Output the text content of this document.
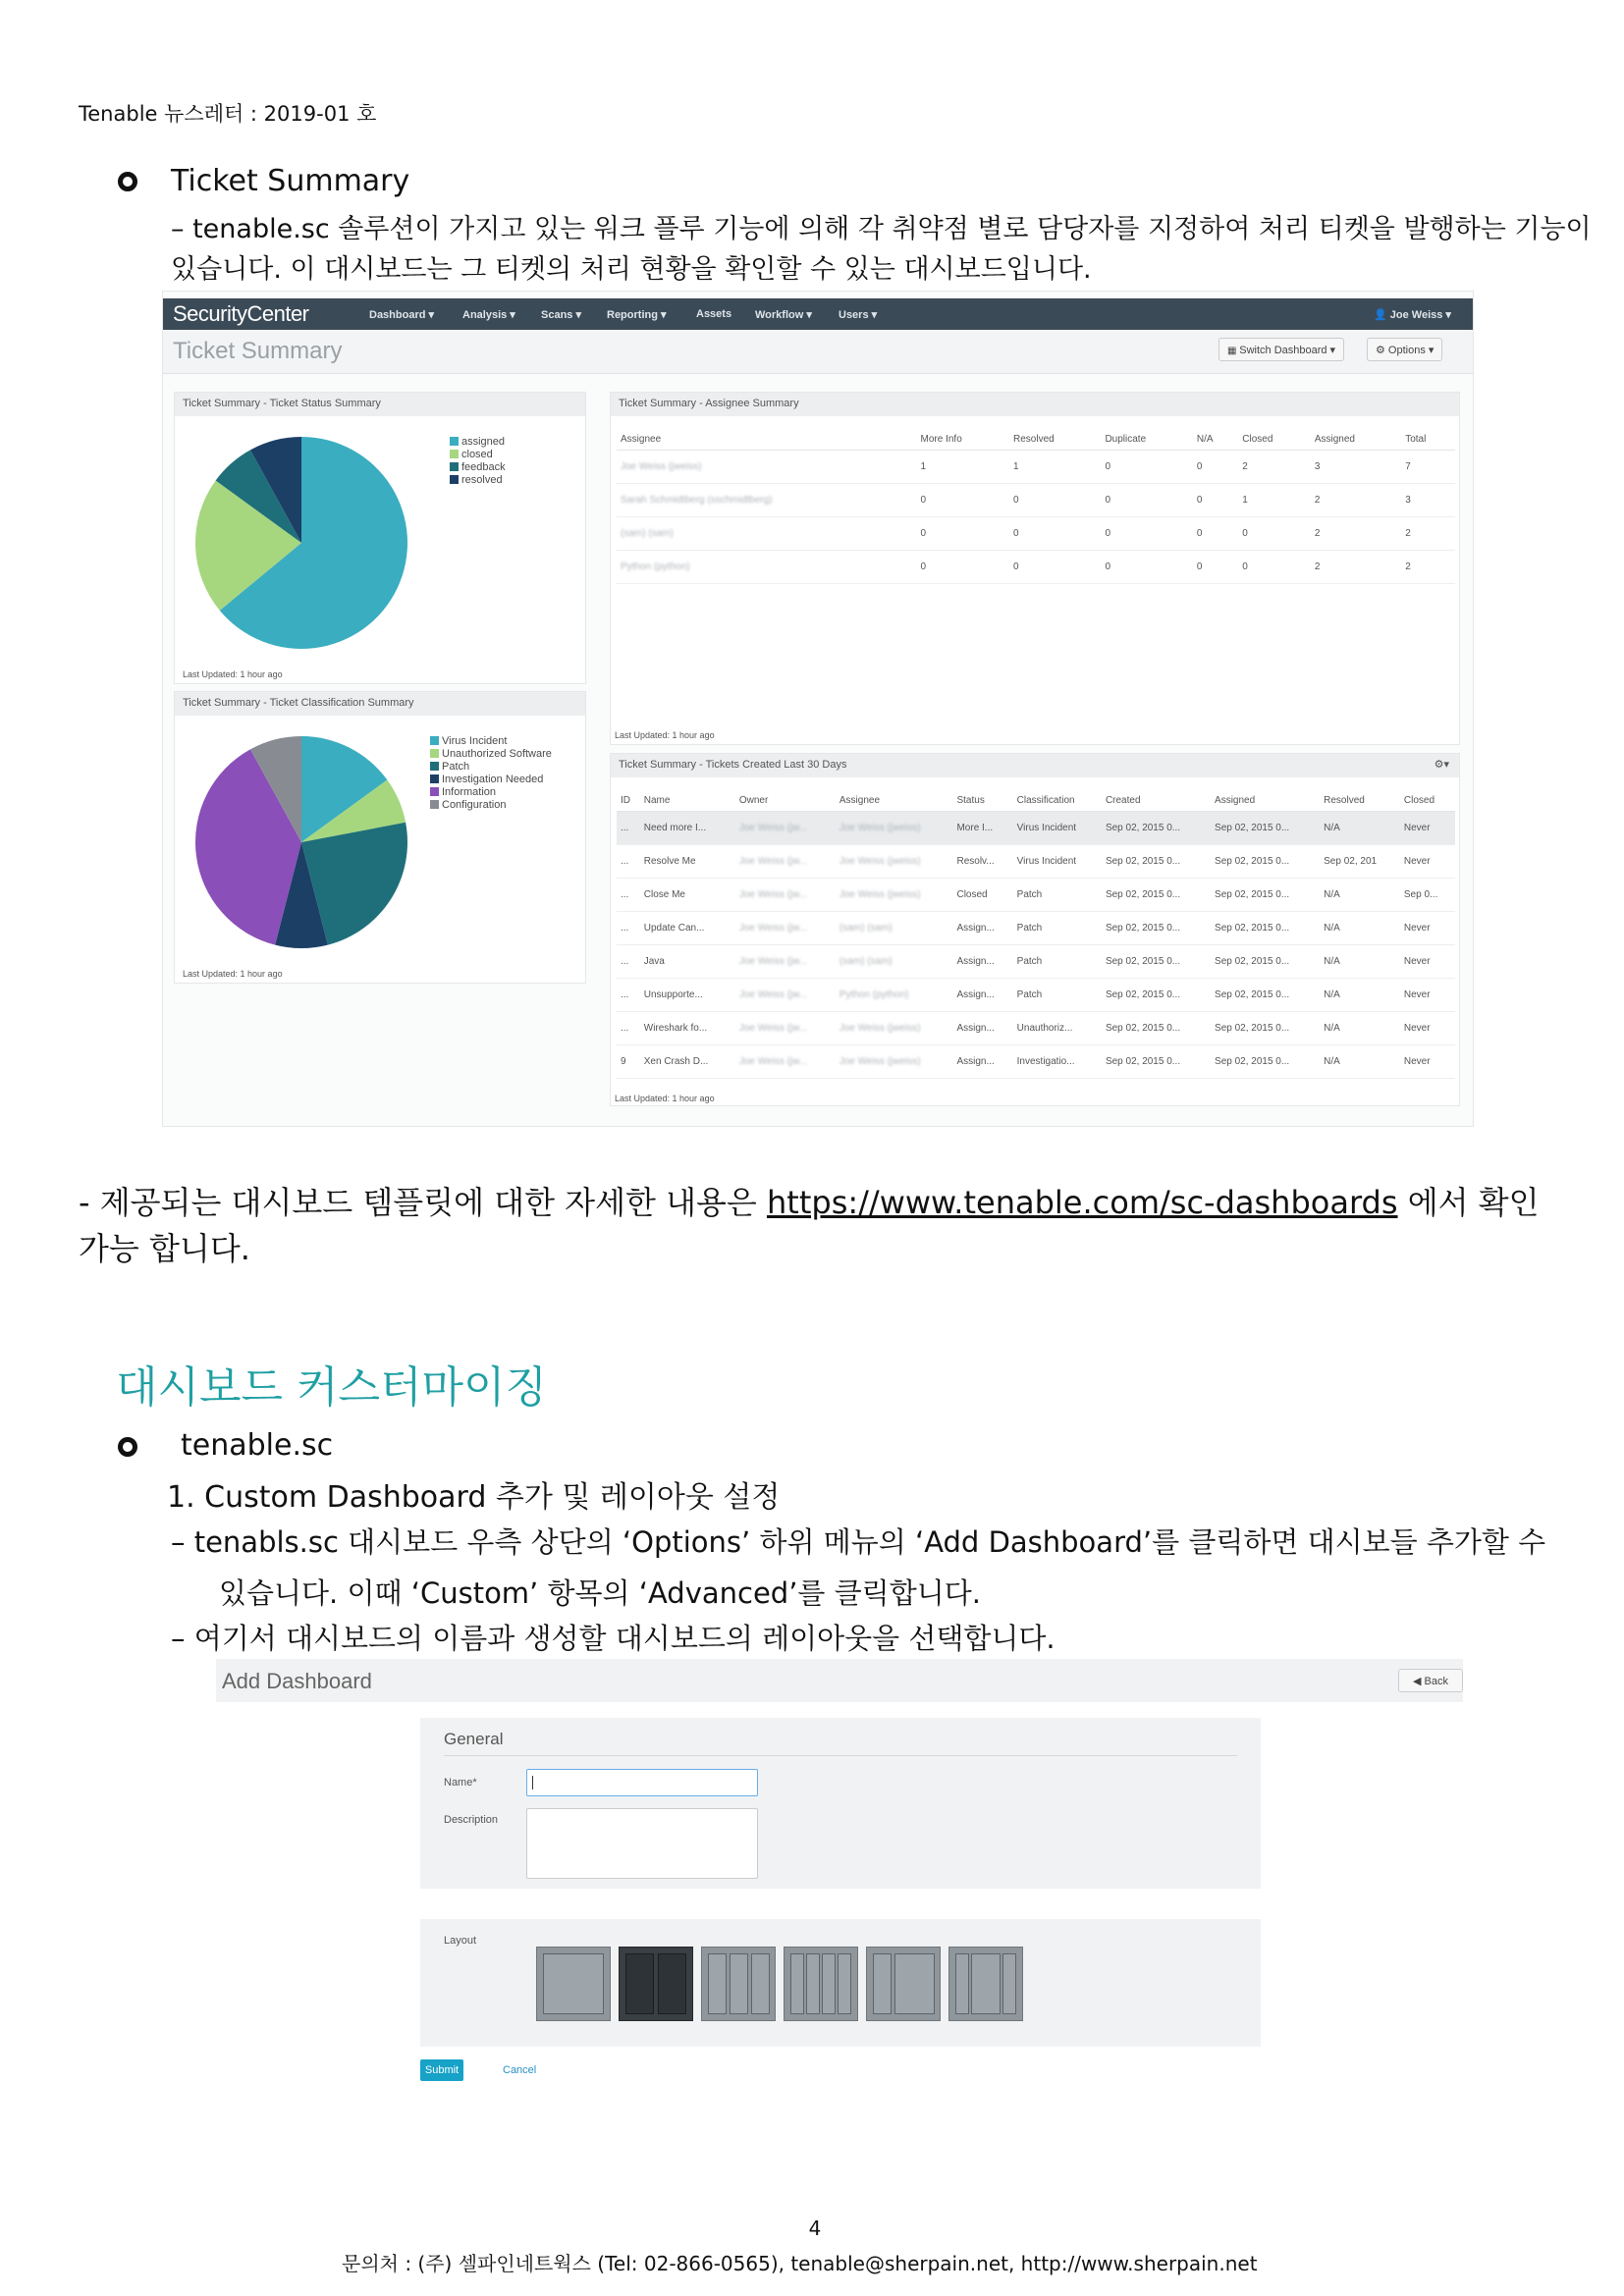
Tenable 뉴스레터 : 2019-01 호
Ticket Summary
– tenable.sc 솔루션이 가지고 있는 워크 플루 기능에 의해 각 취약점 별로 담당자를 지정하여 처리 티켓을 발행하는 기능이
있습니다. 이 대시보드는 그 티켓의 처리 현황을 확인할 수 있는 대시보드입니다.
SecurityCenter	Dashboard ▾	Analysis ▾ Scans ▾ Reporting ▾	Assets Workflow ▾ Users ▾	👤 Joe Weiss ▾
Ticket Summary	▦ Switch Dashboard ▾	⚙ Options ▾
Ticket Summary - Ticket Status Summary
assigned
closed
feedback
resolved
Last Updated: 1 hour ago
Ticket Summary - Ticket Classification Summary
Virus Incident
Unauthorized Software
Patch
Investigation Needed
Information
Configuration
Last Updated: 1 hour ago
Ticket Summary - Assignee Summary
Assignee	More Info	Resolved	Duplicate	N/A	Closed	Assigned	Total
Joe Weiss (jweiss)	1	1	0	0	2	3	7
Sarah Schmidtberg (sschmidtberg)	0	0	0	0	1	2	3
(sam) (sam)	0	0	0	0	0	2	2
Python (python)	0	0	0	0	0	2	2
Last Updated: 1 hour ago
Ticket Summary - Tickets Created Last 30 Days	⚙▾
ID	Name	Owner	Assignee	Status	Classification	Created	Assigned	Resolved	Closed
...	Need more I...	Joe Weiss (jw...	Joe Weiss (jweiss)	More I...	Virus Incident	Sep 02, 2015 0...	Sep 02, 2015 0...	N/A	Never
...	Resolve Me	Joe Weiss (jw...	Joe Weiss (jweiss)	Resolv...	Virus Incident	Sep 02, 2015 0...	Sep 02, 2015 0...	Sep 02, 201	Never
...	Close Me	Joe Weiss (jw...	Joe Weiss (jweiss)	Closed	Patch	Sep 02, 2015 0...	Sep 02, 2015 0...	N/A	Sep 0...
...	Update Can...	Joe Weiss (jw...	(sam) (sam)	Assign...	Patch	Sep 02, 2015 0...	Sep 02, 2015 0...	N/A	Never
...	Java	Joe Weiss (jw...	(sam) (sam)	Assign...	Patch	Sep 02, 2015 0...	Sep 02, 2015 0...	N/A	Never
...	Unsupporte...	Joe Weiss (jw...	Python (python)	Assign...	Patch	Sep 02, 2015 0...	Sep 02, 2015 0...	N/A	Never
...	Wireshark fo...	Joe Weiss (jw...	Joe Weiss (jweiss)	Assign...	Unauthoriz...	Sep 02, 2015 0...	Sep 02, 2015 0...	N/A	Never
9	Xen Crash D...	Joe Weiss (jw...	Joe Weiss (jweiss)	Assign...	Investigatio...	Sep 02, 2015 0...	Sep 02, 2015 0...	N/A	Never
Last Updated: 1 hour ago
- 제공되는 대시보드 템플릿에 대한 자세한 내용은 https://www.tenable.com/sc-dashboards 에서 확인
가능 합니다.
대시보드 커스터마이징
tenable.sc
1. Custom Dashboard 추가 및 레이아웃 설정
– tenabls.sc 대시보드 우측 상단의 ‘Options’ 하위 메뉴의 ‘Add Dashboard’를 클릭하면 대시보들 추가할 수
있습니다. 이때 ‘Custom’ 항목의 ‘Advanced’를 클릭합니다.
– 여기서 대시보드의 이름과 생성할 대시보드의 레이아웃을 선택합니다.
Add Dashboard	◀ Back
General
Name*
Description
Layout
Submit	Cancel
4
문의처 : (주) 셀파인네트웍스 (Tel: 02-866-0565), tenable@sherpain.net, http://www.sherpain.net
